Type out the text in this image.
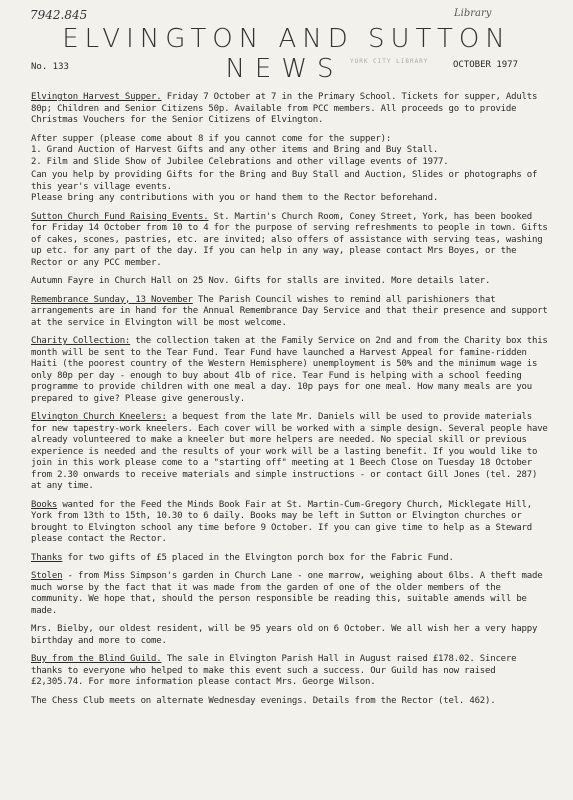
7942.845	Library
ELVINGTON AND SUTTON
NEWS
No. 133
YORK CITY LIBRARY	OCTOBER 1977

Elvington Harvest Supper. Friday 7 October at 7 in the Primary School. Tickets for supper, Adults 80p; Children and Senior Citizens 50p. Available from PCC members. All proceeds go to provide Christmas Vouchers for the Senior Citizens of Elvington.

After supper (please come about 8 if you cannot come for the supper):
1. Grand Auction of Harvest Gifts and any other items and Bring and Buy Stall.
2. Film and Slide Show of Jubilee Celebrations and other village events of 1977.

Can you help by providing Gifts for the Bring and Buy Stall and Auction, Slides or photographs of this year's village events.
Please bring any contributions with you or hand them to the Rector beforehand.

Sutton Church Fund Raising Events. St. Martin's Church Room, Coney Street, York, has been booked for Friday 14 October from 10 to 4 for the purpose of serving refreshments to people in town. Gifts of cakes, scones, pastries, etc. are invited; also offers of assistance with serving teas, washing up etc. for any part of the day. If you can help in any way, please contact Mrs Boyes, or the Rector or any PCC member.

Autumn Fayre in Church Hall on 25 Nov. Gifts for stalls are invited. More details later.

Remembrance Sunday, 13 November The Parish Council wishes to remind all parishioners that arrangements are in hand for the Annual Remembrance Day Service and that their presence and support at the service in Elvington will be most welcome.

Charity Collection: the collection taken at the Family Service on 2nd and from the Charity box this month will be sent to the Tear Fund. Tear Fund have launched a Harvest Appeal for famine-ridden Haiti (the poorest country of the Western Hemisphere) unemployment is 50% and the minimum wage is only 80p per day - enough to buy about 4lb of rice. Tear Fund is helping with a school feeding programme to provide children with one meal a day. 10p pays for one meal. How many meals are you prepared to give? Please give generously.

Elvington Church Kneelers: a bequest from the late Mr. Daniels will be used to provide materials for new tapestry-work kneelers. Each cover will be worked with a simple design. Several people have already volunteered to make a kneeler but more helpers are needed. No special skill or previous experience is needed and the results of your work will be a lasting benefit. If you would like to join in this work please come to a "starting off" meeting at 1 Beech Close on Tuesday 18 October from 2.30 onwards to receive materials and simple instructions - or contact Gill Jones (tel. 287) at any time.

Books wanted for the Feed the Minds Book Fair at St. Martin-Cum-Gregory Church, Micklegate Hill, York from 13th to 15th, 10.30 to 6 daily. Books may be left in Sutton or Elvington churches or brought to Elvington school any time before 9 October. If you can give time to help as a Steward please contact the Rector.

Thanks for two gifts of £5 placed in the Elvington porch box for the Fabric Fund.

Stolen - from Miss Simpson's garden in Church Lane - one marrow, weighing about 6lbs. A theft made much worse by the fact that it was made from the garden of one of the older members of the community. We hope that, should the person responsible be reading this, suitable amends will be made.

Mrs. Bielby, our oldest resident, will be 95 years old on 6 October. We all wish her a very happy birthday and more to come.

Buy from the Blind Guild. The sale in Elvington Parish Hall in August raised £178.02. Sincere thanks to everyone who helped to make this event such a success. Our Guild has now raised £2,305.74. For more information please contact Mrs. George Wilson.

The Chess Club meets on alternate Wednesday evenings. Details from the Rector (tel. 462).
